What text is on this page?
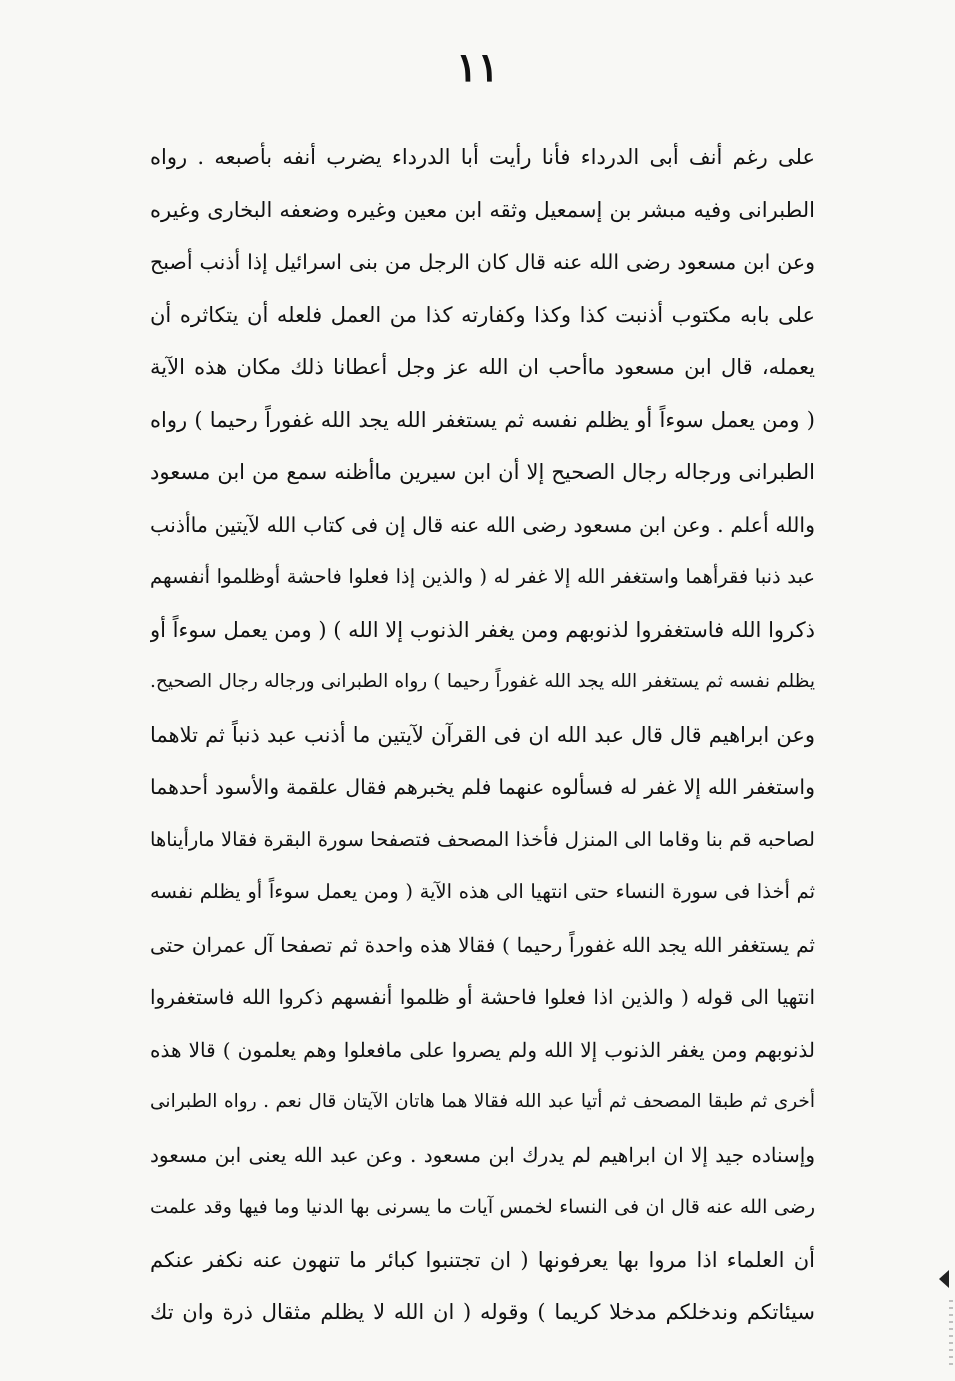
١١
على رغم أنف أبى الدرداء فأنا رأيت أبا الدرداء يضرب أنفه بأصبعه . رواه
الطبرانى وفيه مبشر بن إسمعيل وثقه ابن معين وغيره وضعفه البخارى وغيره
وعن ابن مسعود رضى الله عنه قال كان الرجل من بنى اسرائيل إذا أذنب أصبح
على بابه مكتوب أذنبت كذا وكذا وكفارته كذا من العمل فلعله أن يتكاثره أن
يعمله، قال ابن مسعود ماأحب ان الله عز وجل أعطانا ذلك مكان هذه الآية
( ومن يعمل سوءاً أو يظلم نفسه ثم يستغفر الله يجد الله غفوراً رحيما ) رواه
الطبرانى ورجاله رجال الصحيح إلا أن ابن سيرين ماأظنه سمع من ابن مسعود
والله أعلم . وعن ابن مسعود رضى الله عنه قال إن فى كتاب الله لآيتين ماأذنب
عبد ذنبا فقرأهما واستغفر الله إلا غفر له ( والذين إذا فعلوا فاحشة أوظلموا أنفسهم
ذكروا الله فاستغفروا لذنوبهم ومن يغفر الذنوب إلا الله ) ( ومن يعمل سوءاً أو
يظلم نفسه ثم يستغفر الله يجد الله غفوراً رحيما ) رواه الطبرانى ورجاله رجال الصحيح.
وعن ابراهيم قال قال عبد الله ان فى القرآن لآيتين ما أذنب عبد ذنباً ثم تلاهما
واستغفر الله إلا غفر له فسألوه عنهما فلم يخبرهم فقال علقمة والأسود أحدهما
لصاحبه قم بنا وقاما الى المنزل فأخذا المصحف فتصفحا سورة البقرة فقالا مارأيناها
ثم أخذا فى سورة النساء حتى انتهيا الى هذه الآية ( ومن يعمل سوءاً أو يظلم نفسه
ثم يستغفر الله يجد الله غفوراً رحيما ) فقالا هذه واحدة ثم تصفحا آل عمران حتى
انتهيا الى قوله ( والذين اذا فعلوا فاحشة أو ظلموا أنفسهم ذكروا الله فاستغفروا
لذنوبهم ومن يغفر الذنوب إلا الله ولم يصروا على مافعلوا وهم يعلمون ) قالا هذه
أخرى ثم طبقا المصحف ثم أتيا عبد الله فقالا هما هاتان الآيتان قال نعم . رواه الطبرانى
وإسناده جيد إلا ان ابراهيم لم يدرك ابن مسعود . وعن عبد الله يعنى ابن مسعود
رضى الله عنه قال ان فى النساء لخمس آيات ما يسرنى بها الدنيا وما فيها وقد علمت
أن العلماء اذا مروا بها يعرفونها ( ان تجتنبوا كبائر ما تنهون عنه نكفر عنكم
سيئاتكم وندخلكم مدخلا كريما ) وقوله ( ان الله لا يظلم مثقال ذرة وان تك
